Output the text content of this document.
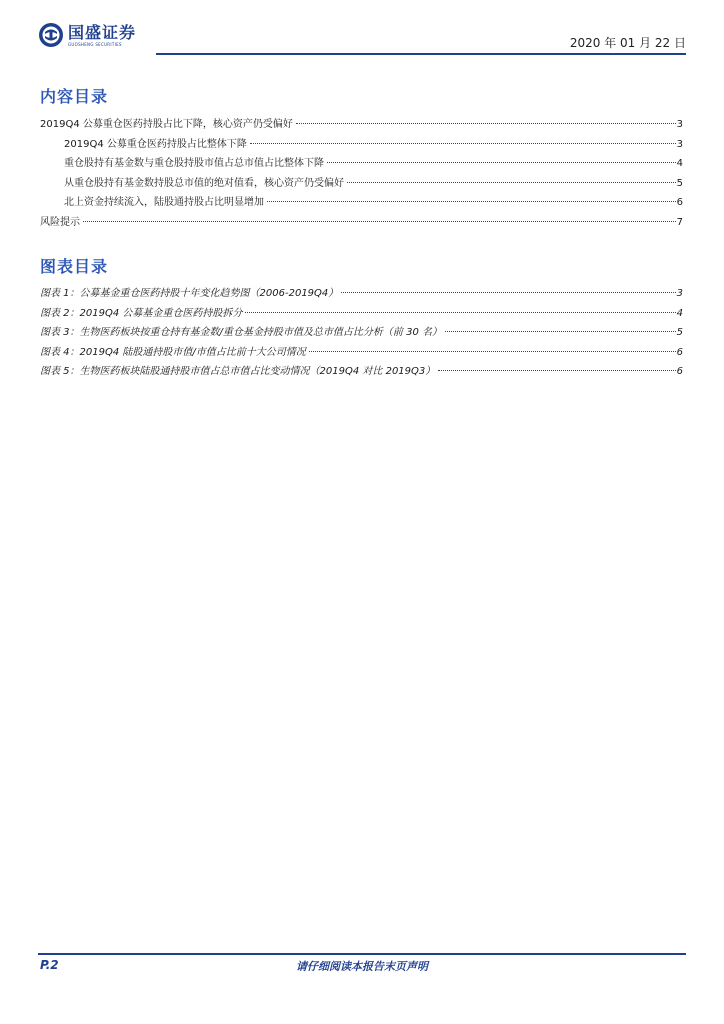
国盛证券
GUOSHENG SECURITIES	2020 年 01 月 22 日
内容目录
2019Q4 公募重仓医药持股占比下降，核心资产仍受偏好	3
2019Q4 公募重仓医药持股占比整体下降	3
重仓股持有基金数与重仓股持股市值占总市值占比整体下降	4
从重仓股持有基金数持股总市值的绝对值看，核心资产仍受偏好	5
北上资金持续流入，陆股通持股占比明显增加	6
风险提示	7
图表目录
图表 1：公募基金重仓医药持股十年变化趋势图（2006-2019Q4）	3
图表 2：2019Q4 公募基金重仓医药持股拆分	4
图表 3：生物医药板块按重仓持有基金数/重仓基金持股市值及总市值占比分析（前 30 名）	5
图表 4：2019Q4 陆股通持股市值/市值占比前十大公司情况	6
图表 5：生物医药板块陆股通持股市值占总市值占比变动情况（2019Q4 对比 2019Q3）	6
请仔细阅读本报告末页声明
P.2
